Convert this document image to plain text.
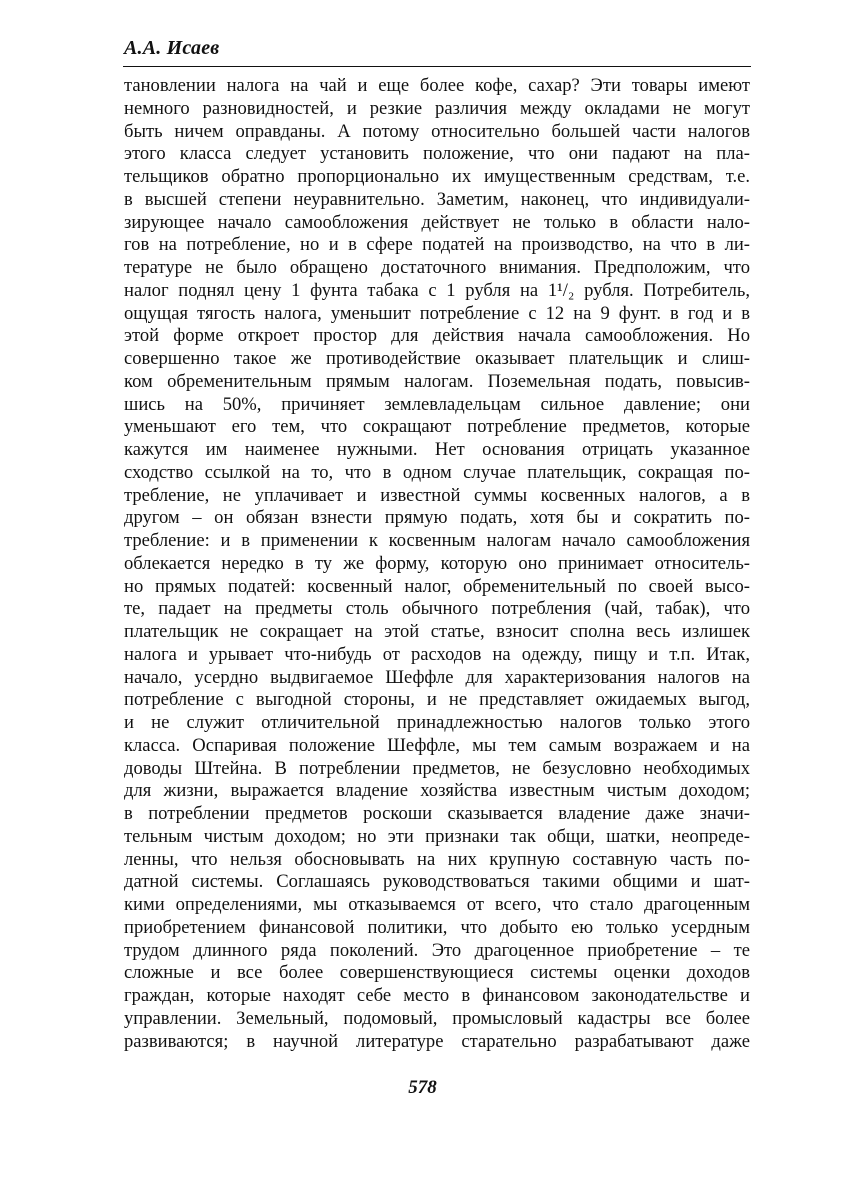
А.А. Исаев
тановлении налога на чай и еще более кофе, сахар? Эти товары имеют
немного разновидностей, и резкие различия между окладами не могут
быть ничем оправданы. А потому относительно большей части налогов
этого класса следует установить положение, что они падают на пла-
тельщиков обратно пропорционально их имущественным средствам, т.е.
в высшей степени неуравнительно. Заметим, наконец, что индивидуали-
зирующее начало самообложения действует не только в области нало-
гов на потребление, но и в сфере податей на производство, на что в ли-
тературе не было обращено достаточного внимания. Предположим, что
налог поднял цену 1 фунта табака с 1 рубля на 1¹/₂ рубля. Потребитель,
ощущая тягость налога, уменьшит потребление с 12 на 9 фунт. в год и в
этой форме откроет простор для действия начала самообложения. Но
совершенно такое же противодействие оказывает плательщик и слиш-
ком обременительным прямым налогам. Поземельная подать, повысив-
шись на 50%, причиняет землевладельцам сильное давление; они
уменьшают его тем, что сокращают потребление предметов, которые
кажутся им наименее нужными. Нет основания отрицать указанное
сходство ссылкой на то, что в одном случае плательщик, сокращая по-
требление, не уплачивает и известной суммы косвенных налогов, а в
другом – он обязан взнести прямую подать, хотя бы и сократить по-
требление: и в применении к косвенным налогам начало самообложения
облекается нередко в ту же форму, которую оно принимает относитель-
но прямых податей: косвенный налог, обременительный по своей высо-
те, падает на предметы столь обычного потребления (чай, табак), что
плательщик не сокращает на этой статье, взносит сполна весь излишек
налога и урывает что-нибудь от расходов на одежду, пищу и т.п. Итак,
начало, усердно выдвигаемое Шеффле для характеризования налогов на
потребление с выгодной стороны, и не представляет ожидаемых выгод,
и не служит отличительной принадлежностью налогов только этого
класса. Оспаривая положение Шеффле, мы тем самым возражаем и на
доводы Штейна. В потреблении предметов, не безусловно необходимых
для жизни, выражается владение хозяйства известным чистым доходом;
в потреблении предметов роскоши сказывается владение даже значи-
тельным чистым доходом; но эти признаки так общи, шатки, неопреде-
ленны, что нельзя обосновывать на них крупную составную часть по-
датной системы. Соглашаясь руководствоваться такими общими и шат-
кими определениями, мы отказываемся от всего, что стало драгоценным
приобретением финансовой политики, что добыто ею только усердным
трудом длинного ряда поколений. Это драгоценное приобретение – те
сложные и все более совершенствующиеся системы оценки доходов
граждан, которые находят себе место в финансовом законодательстве и
управлении. Земельный, подомовый, промысловый кадастры все более
развиваются; в научной литературе старательно разрабатывают даже
578
